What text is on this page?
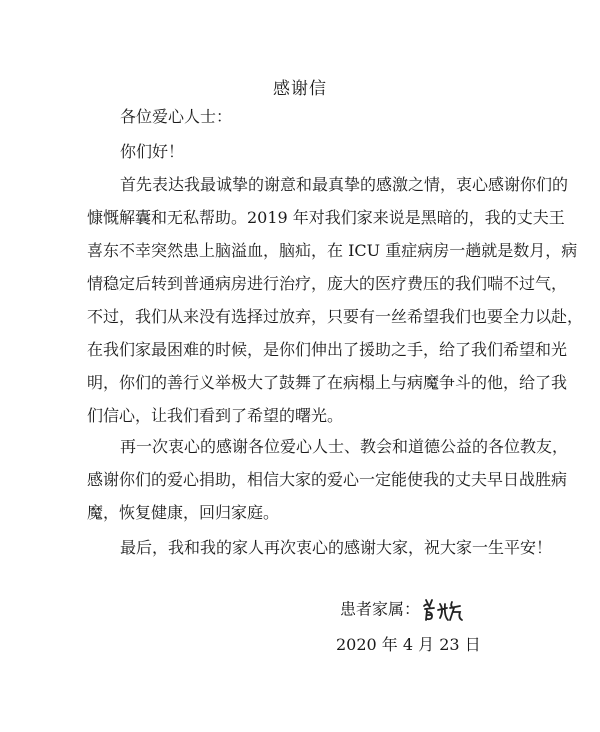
感谢信
各位爱心人士：
你们好！
首先表达我最诚挚的谢意和最真挚的感激之情，衷心感谢你们的
慷慨解囊和无私帮助。2019 年对我们家来说是黑暗的，我的丈夫王
喜东不幸突然患上脑溢血，脑疝，在 ICU 重症病房一趟就是数月，病
情稳定后转到普通病房进行治疗，庞大的医疗费压的我们喘不过气，
不过，我们从来没有选择过放弃，只要有一丝希望我们也要全力以赴，
在我们家最困难的时候，是你们伸出了援助之手，给了我们希望和光
明，你们的善行义举极大了鼓舞了在病榻上与病魔争斗的他，给了我
们信心，让我们看到了希望的曙光。
再一次衷心的感谢各位爱心人士、教会和道德公益的各位教友，
感谢你们的爱心捐助，相信大家的爱心一定能使我的丈夫早日战胜病
魔，恢复健康，回归家庭。
最后，我和我的家人再次衷心的感谢大家，祝大家一生平安！
患者家属：
2020 年 4 月 23 日
